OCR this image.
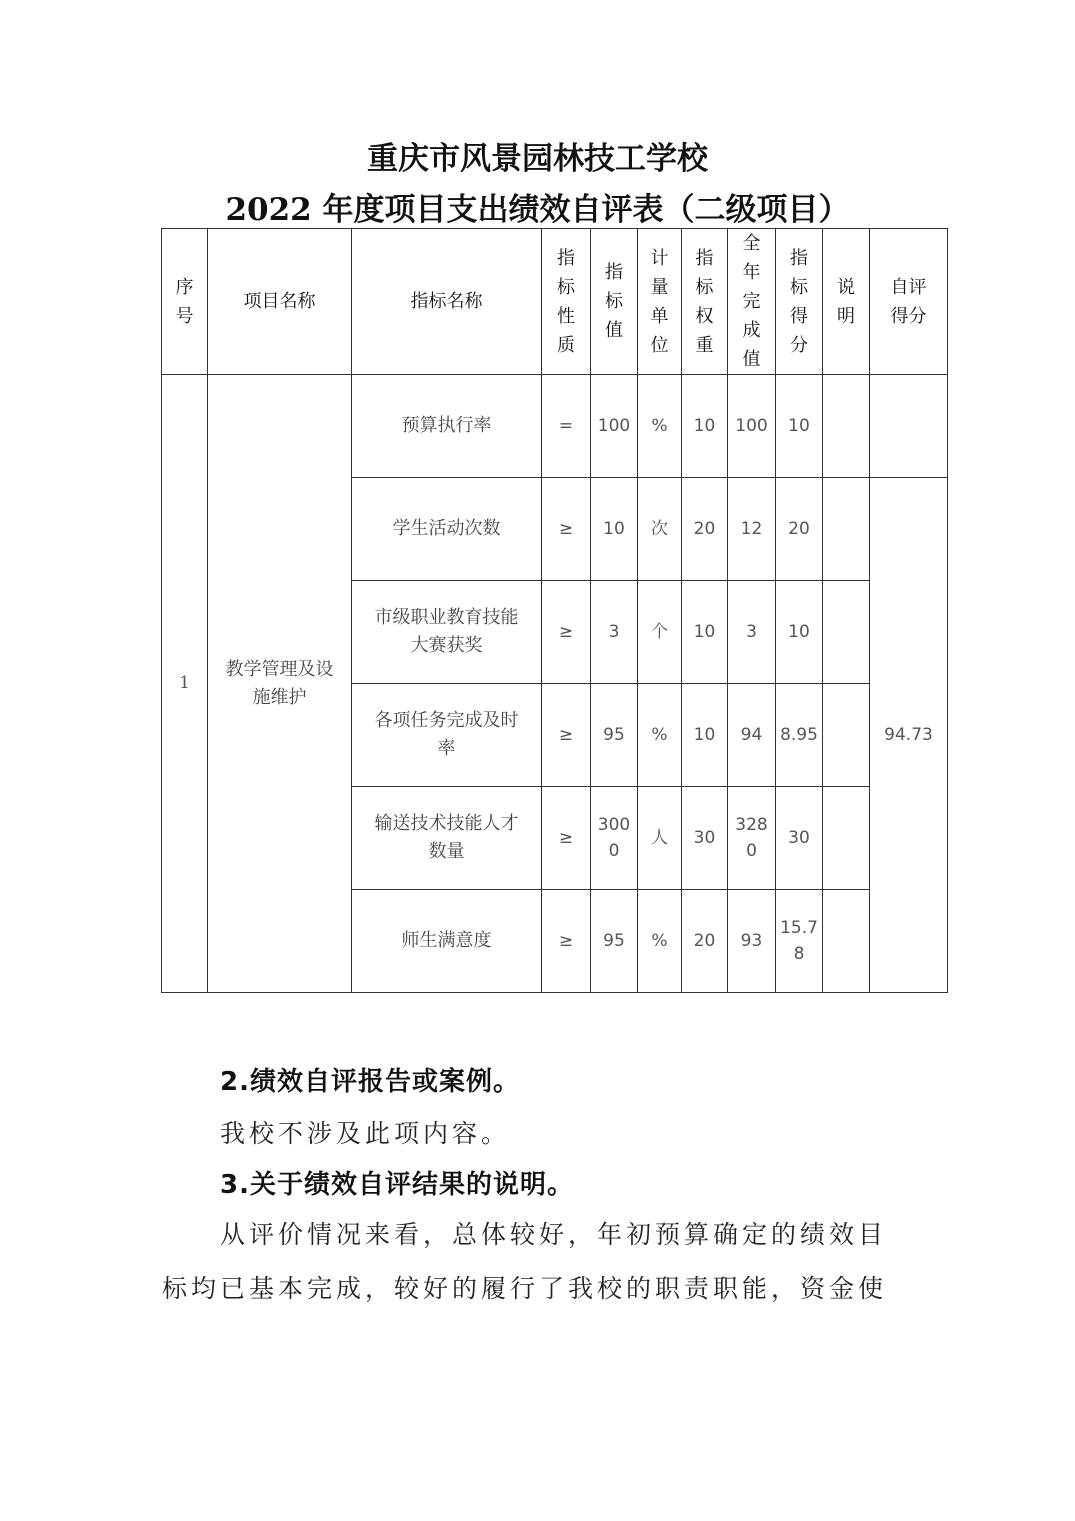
重庆市风景园林技工学校
2022 年度项目支出绩效自评表（二级项目）
序号	项目名称	指标名称	指标性质	指标值	计量单位	指标权重	全年完成值	指标得分	说明	自评得分
1	教学管理及设施维护	预算执行率	=	100	%	10	100	10		
		学生活动次数	≥	10	次	20	12	20		94.73
		市级职业教育技能大赛获奖	≥	3	个	10	3	10		
		各项任务完成及时率	≥	95	%	10	94	8.95		
		输送技术技能人才数量	≥	3000	人	30	3280	30		
		师生满意度	≥	95	%	20	93	15.78		
2.绩效自评报告或案例。
我校不涉及此项内容。
3.关于绩效自评结果的说明。
从评价情况来看，总体较好，年初预算确定的绩效目
标均已基本完成，较好的履行了我校的职责职能，资金使
